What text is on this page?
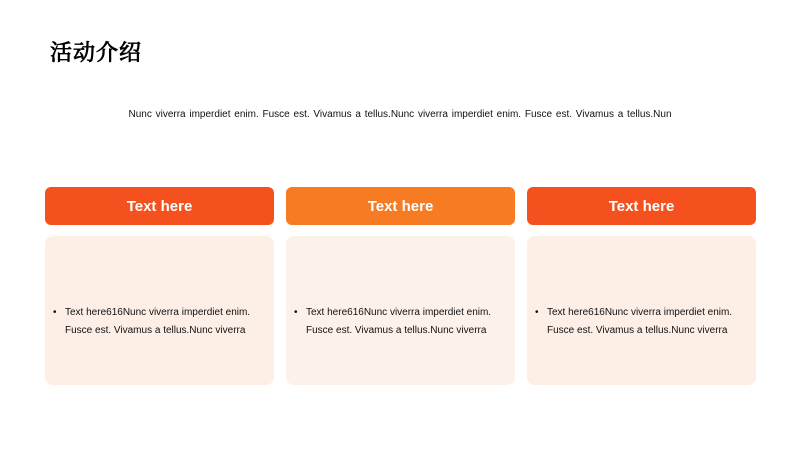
活动介绍
Nunc viverra imperdiet enim. Fusce est. Vivamus a tellus.Nunc viverra imperdiet enim. Fusce est. Vivamus a tellus.Nun
Text here
• Text here616Nunc viverra imperdiet enim. Fusce est. Vivamus a tellus.Nunc viverra
Text here
• Text here616Nunc viverra imperdiet enim. Fusce est. Vivamus a tellus.Nunc viverra
Text here
• Text here616Nunc viverra imperdiet enim. Fusce est. Vivamus a tellus.Nunc viverra
